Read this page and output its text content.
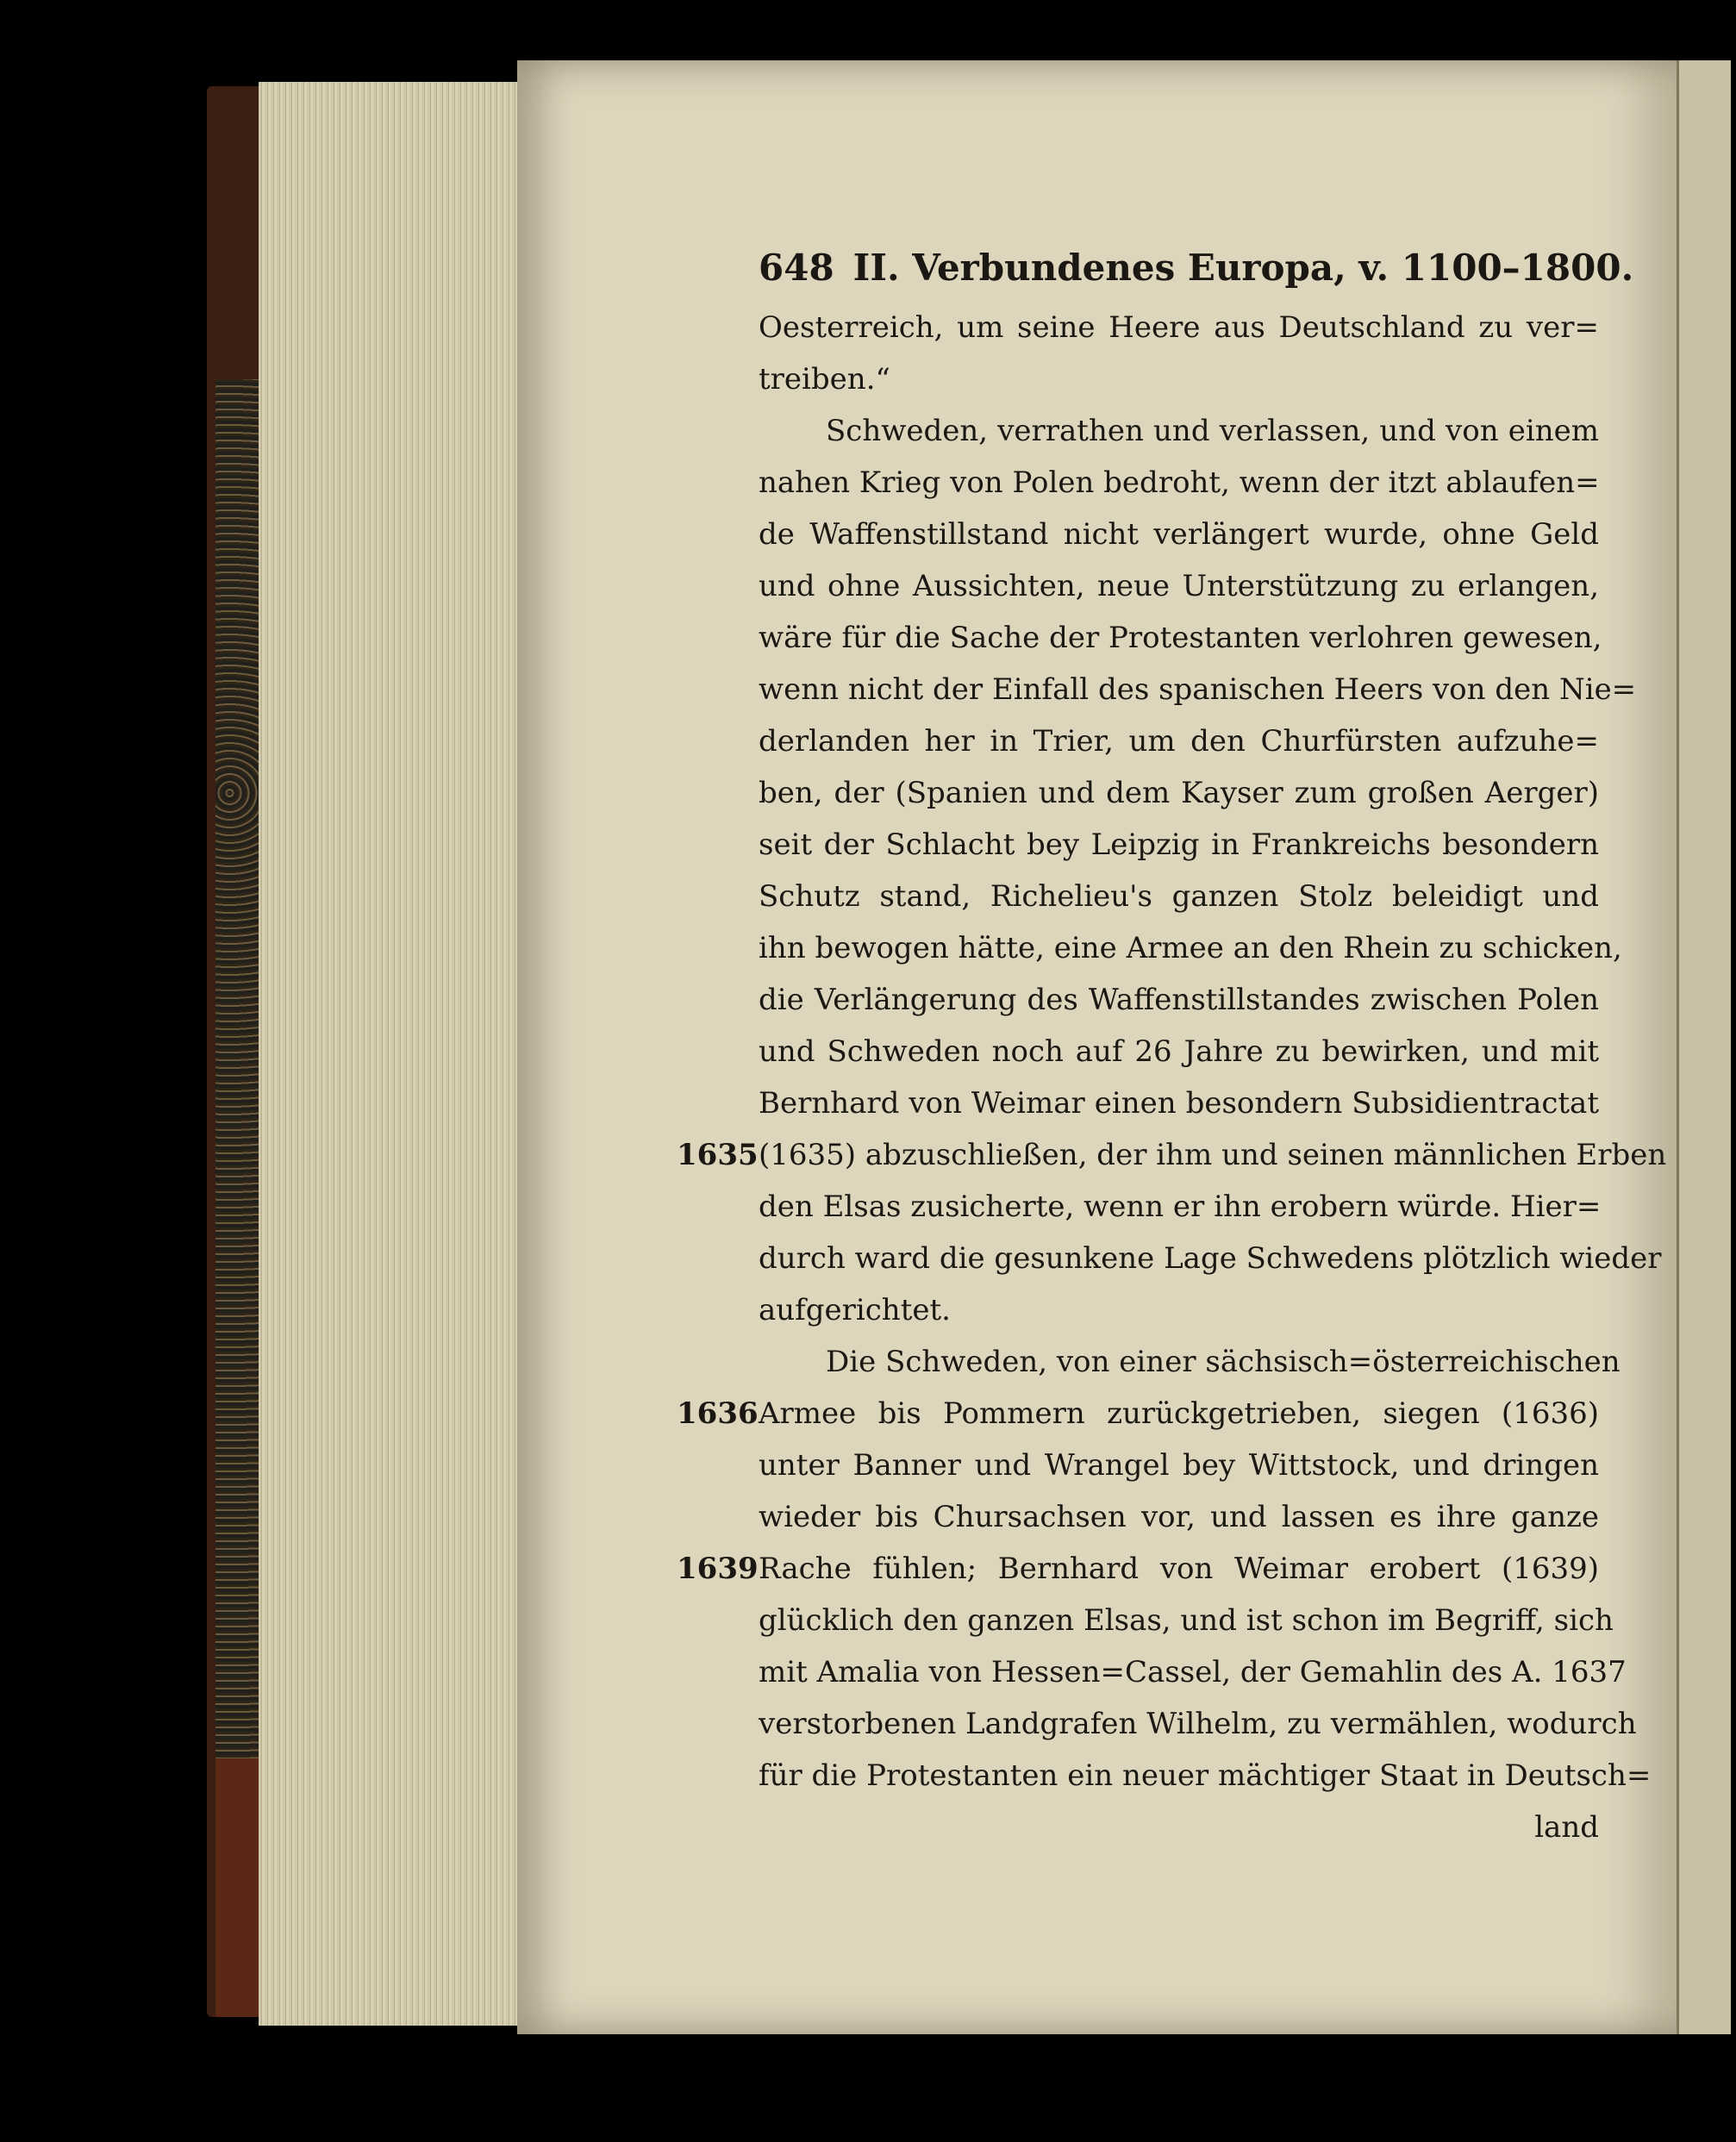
648 II. Verbundenes Europa, v. 1100–1800.
Oesterreich, um seine Heere aus Deutschland zu ver=
treiben.“
Schweden, verrathen und verlassen, und von einem
nahen Krieg von Polen bedroht, wenn der itzt ablaufen=
de Waffenstillstand nicht verlängert wurde, ohne Geld
und ohne Aussichten, neue Unterstützung zu erlangen,
wäre für die Sache der Protestanten verlohren gewesen,
wenn nicht der Einfall des spanischen Heers von den Nie=
derlanden her in Trier, um den Churfürsten aufzuhe=
ben, der (Spanien und dem Kayser zum großen Aerger)
seit der Schlacht bey Leipzig in Frankreichs besondern
Schutz stand, Richelieu's ganzen Stolz beleidigt und
ihn bewogen hätte, eine Armee an den Rhein zu schicken,
die Verlängerung des Waffenstillstandes zwischen Polen
und Schweden noch auf 26 Jahre zu bewirken, und mit
Bernhard von Weimar einen besondern Subsidientractat
1635 (1635) abzuschließen, der ihm und seinen männlichen Erben
den Elsas zusicherte, wenn er ihn erobern würde. Hier=
durch ward die gesunkene Lage Schwedens plötzlich wieder
aufgerichtet.
Die Schweden, von einer sächsisch=österreichischen
1636 Armee bis Pommern zurückgetrieben, siegen (1636)
unter Banner und Wrangel bey Wittstock, und dringen
wieder bis Chursachsen vor, und lassen es ihre ganze
1639 Rache fühlen; Bernhard von Weimar erobert (1639)
glücklich den ganzen Elsas, und ist schon im Begriff, sich
mit Amalia von Hessen=Cassel, der Gemahlin des A. 1637
verstorbenen Landgrafen Wilhelm, zu vermählen, wodurch
für die Protestanten ein neuer mächtiger Staat in Deutsch=
land
